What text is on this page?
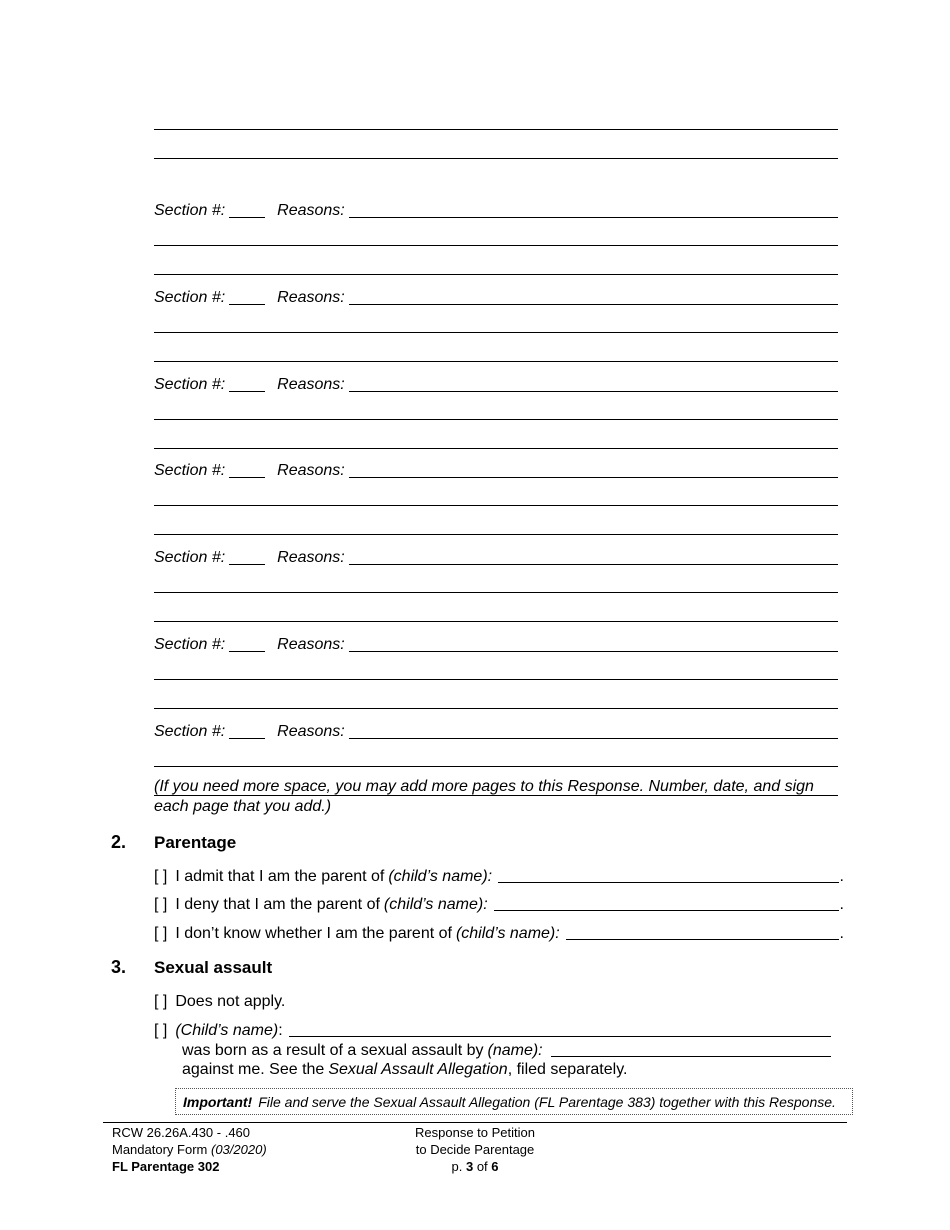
Section #:	Reasons:
Section #:	Reasons:
Section #:	Reasons:
Section #:	Reasons:
Section #:	Reasons:
Section #:	Reasons:
Section #:	Reasons:
(If you need more space, you may add more pages to this Response. Number, date, and sign each page that you add.)
2. Parentage
[ ] I admit that I am the parent of (child’s name):	.
[ ] I deny that I am the parent of (child’s name):	.
[ ] I don’t know whether I am the parent of (child’s name):	.
3. Sexual assault
[ ] Does not apply.
[ ] (Child’s name) :
was born as a result of a sexual assault by (name):
against me. See the Sexual Assault Allegation , filed separately.
Important! File and serve the Sexual Assault Allegation (FL Parentage 383) together with this Response.
RCW 26.26A.430 - .460
Mandatory Form (03/2020)
FL Parentage 302
Response to Petition
to Decide Parentage
p. 3 of 6
